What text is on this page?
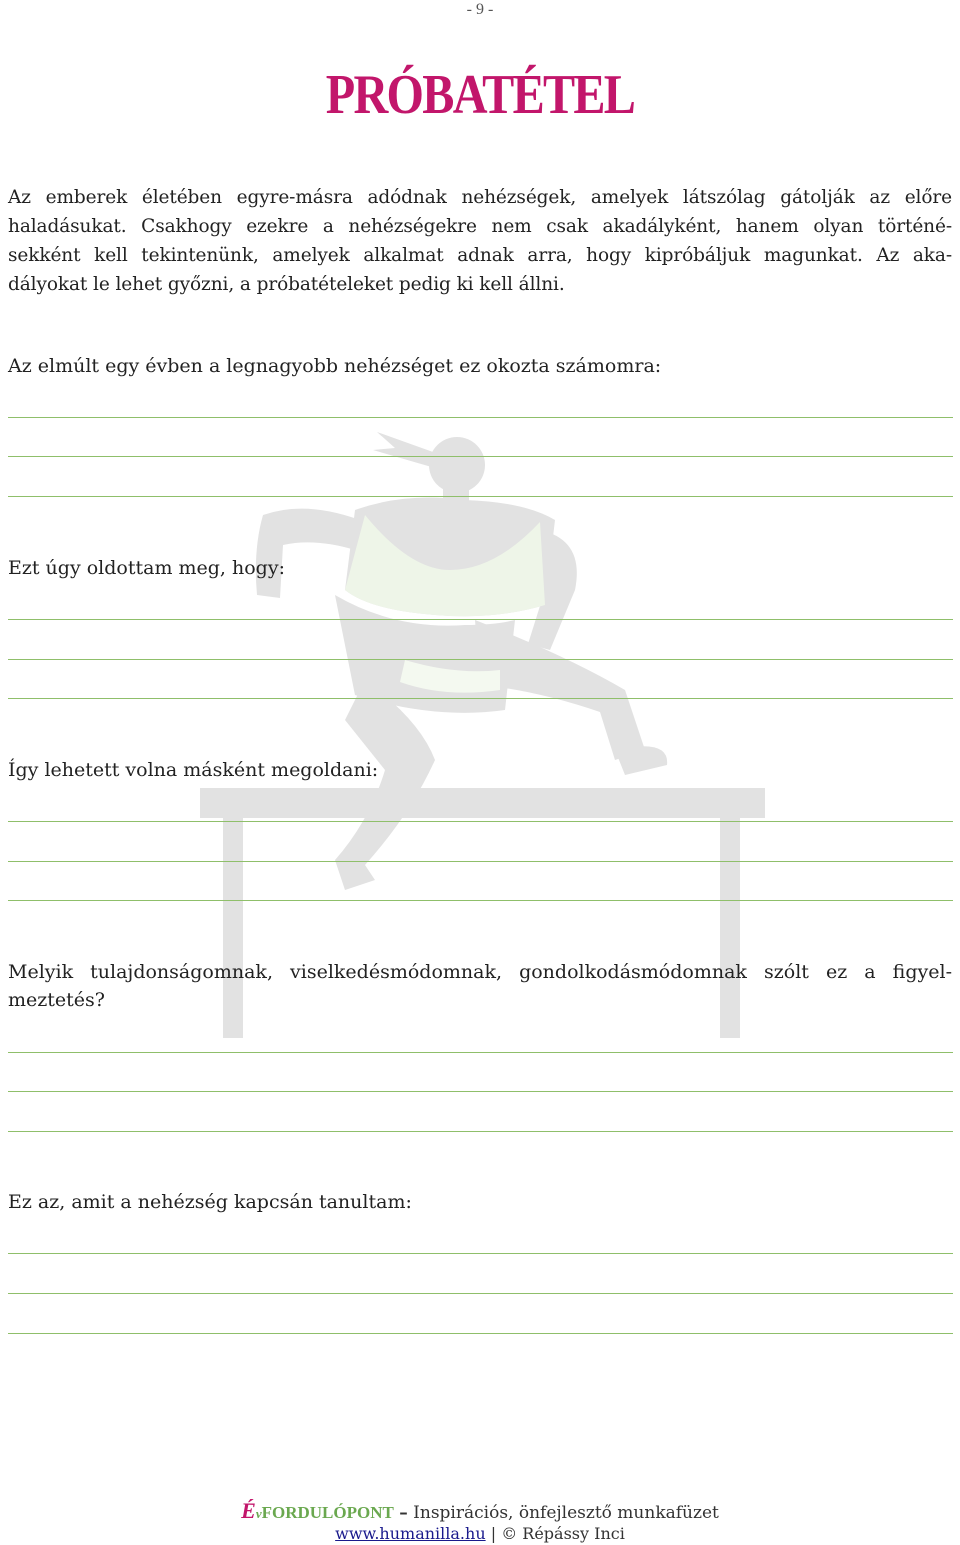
- 9 -
PRÓBATÉTEL
Az emberek életében egyre-másra adódnak nehézségek, amelyek látszólag gátolják az előre
haladásukat. Csakhogy ezekre a nehézségekre nem csak akadályként, hanem olyan történé-
sekként kell tekintenünk, amelyek alkalmat adnak arra, hogy kipróbáljuk magunkat. Az aka-
dályokat le lehet győzni, a próbatételeket pedig ki kell állni.
Az elmúlt egy évben a legnagyobb nehézséget ez okozta számomra:
Ezt úgy oldottam meg, hogy:
Így lehetett volna másként megoldani:
Melyik tulajdonságomnak, viselkedésmódomnak, gondolkodásmódomnak szólt ez a figyel-
meztetés?
Ez az, amit a nehézség kapcsán tanultam:
ÉvFORDULÓPONT – Inspirációs, önfejlesztő munkafüzet
www.humanilla.hu | © Répássy Inci
